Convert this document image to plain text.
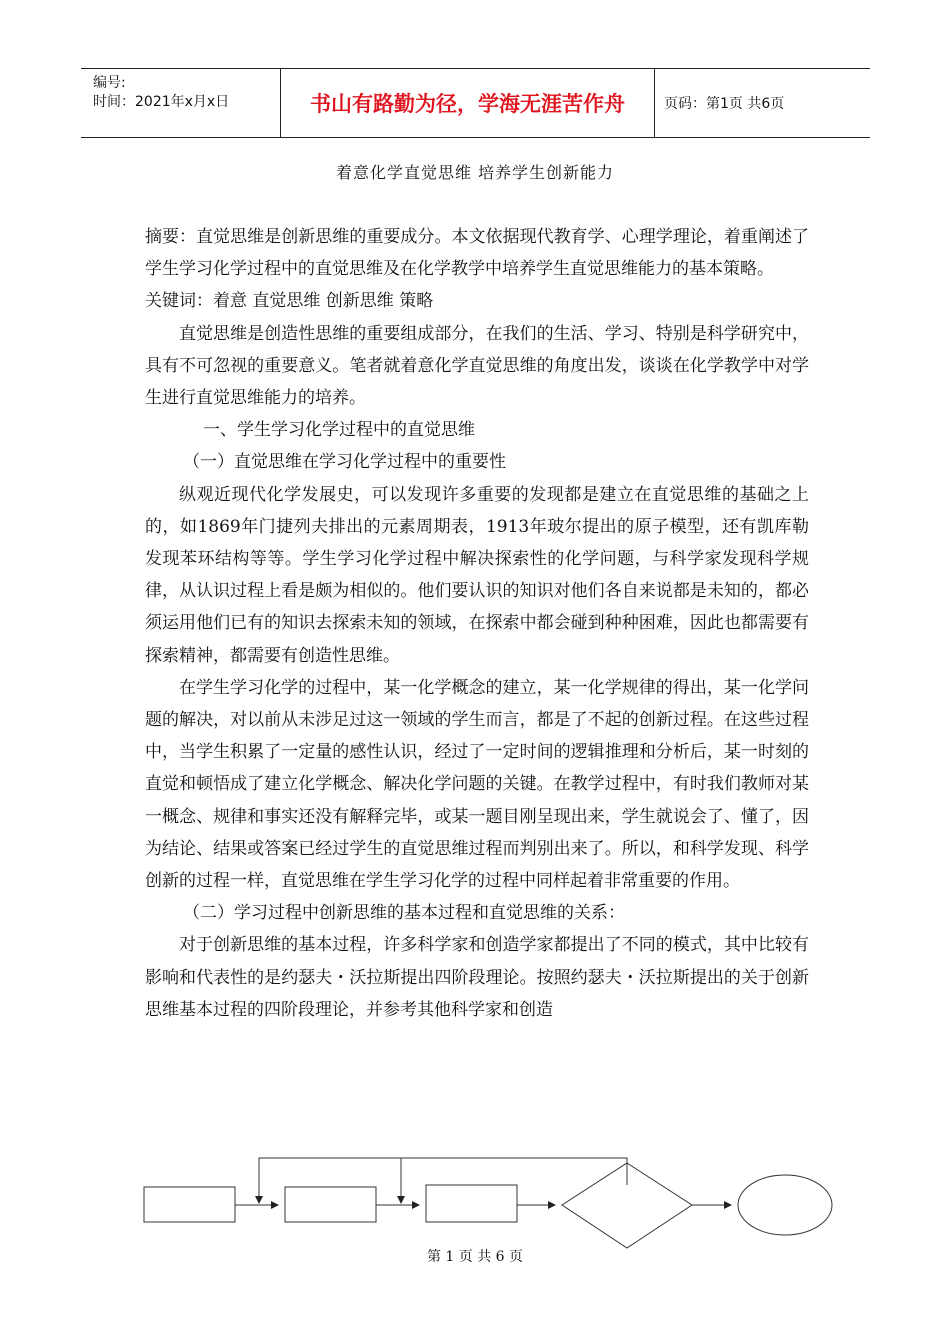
编号:
时间：2021年x月x日	书山有路勤为径，学海无涯苦作舟	页码：第1页 共6页
着意化学直觉思维 培养学生创新能力

摘要：直觉思维是创新思维的重要成分。本文依据现代教育学、心理学理论，着重阐述了学生学习化学过程中的直觉思维及在化学教学中培养学生直觉思维能力的基本策略。

关键词：着意 直觉思维 创新思维 策略

直觉思维是创造性思维的重要组成部分，在我们的生活、学习、特别是科学研究中，具有不可忽视的重要意义。笔者就着意化学直觉思维的角度出发，谈谈在化学教学中对学生进行直觉思维能力的培养。

一、学生学习化学过程中的直觉思维

（一）直觉思维在学习化学过程中的重要性

纵观近现代化学发展史，可以发现许多重要的发现都是建立在直觉思维的基础之上的，如1869年门捷列夫排出的元素周期表，1913年玻尔提出的原子模型，还有凯库勒发现苯环结构等等。学生学习化学过程中解决探索性的化学问题，与科学家发现科学规律，从认识过程上看是颇为相似的。他们要认识的知识对他们各自来说都是未知的，都必须运用他们已有的知识去探索未知的领域，在探索中都会碰到种种困难，因此也都需要有探索精神，都需要有创造性思维。

在学生学习化学的过程中，某一化学概念的建立，某一化学规律的得出，某一化学问题的解决，对以前从未涉足过这一领域的学生而言，都是了不起的创新过程。在这些过程中，当学生积累了一定量的感性认识，经过了一定时间的逻辑推理和分析后，某一时刻的直觉和顿悟成了建立化学概念、解决化学问题的关键。在教学过程中，有时我们教师对某一概念、规律和事实还没有解释完毕，或某一题目刚呈现出来，学生就说会了、懂了，因为结论、结果或答案已经过学生的直觉思维过程而判别出来了。所以，和科学发现、科学创新的过程一样，直觉思维在学生学习化学的过程中同样起着非常重要的作用。

（二）学习过程中创新思维的基本过程和直觉思维的关系：

对于创新思维的基本过程，许多科学家和创造学家都提出了不同的模式，其中比较有影响和代表性的是约瑟夫・沃拉斯提出四阶段理论。按照约瑟夫・沃拉斯提出的关于创新思维基本过程的四阶段理论，并参考其他科学家和创造

第 1 页 共 6 页
